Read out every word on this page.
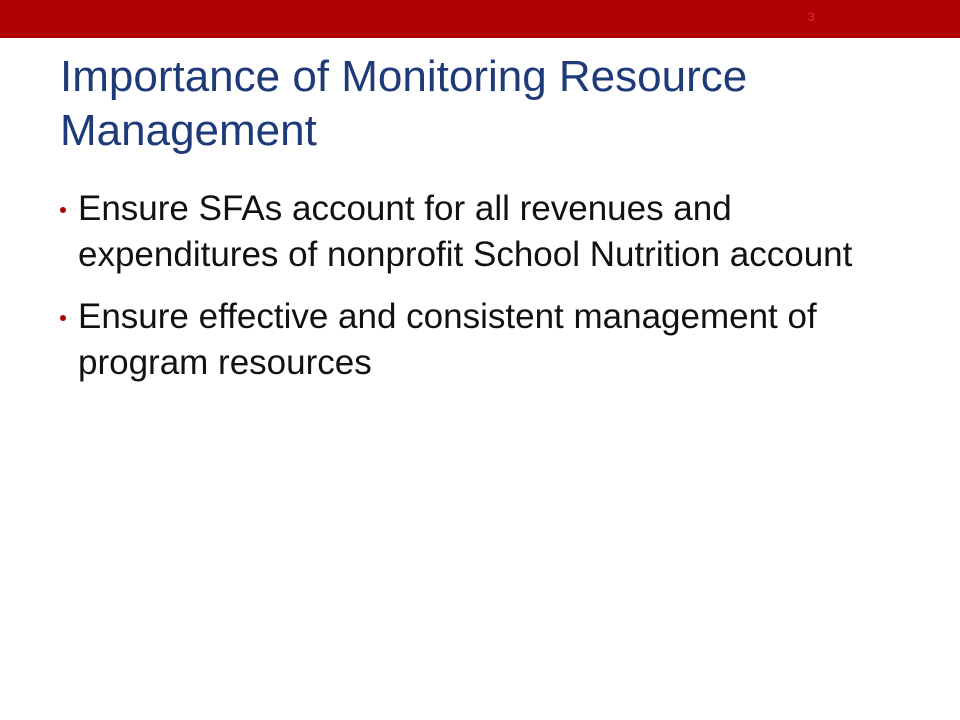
3
Importance of Monitoring Resource Management
Ensure SFAs account for all revenues and expenditures of nonprofit School Nutrition account
Ensure effective and consistent management of program resources
